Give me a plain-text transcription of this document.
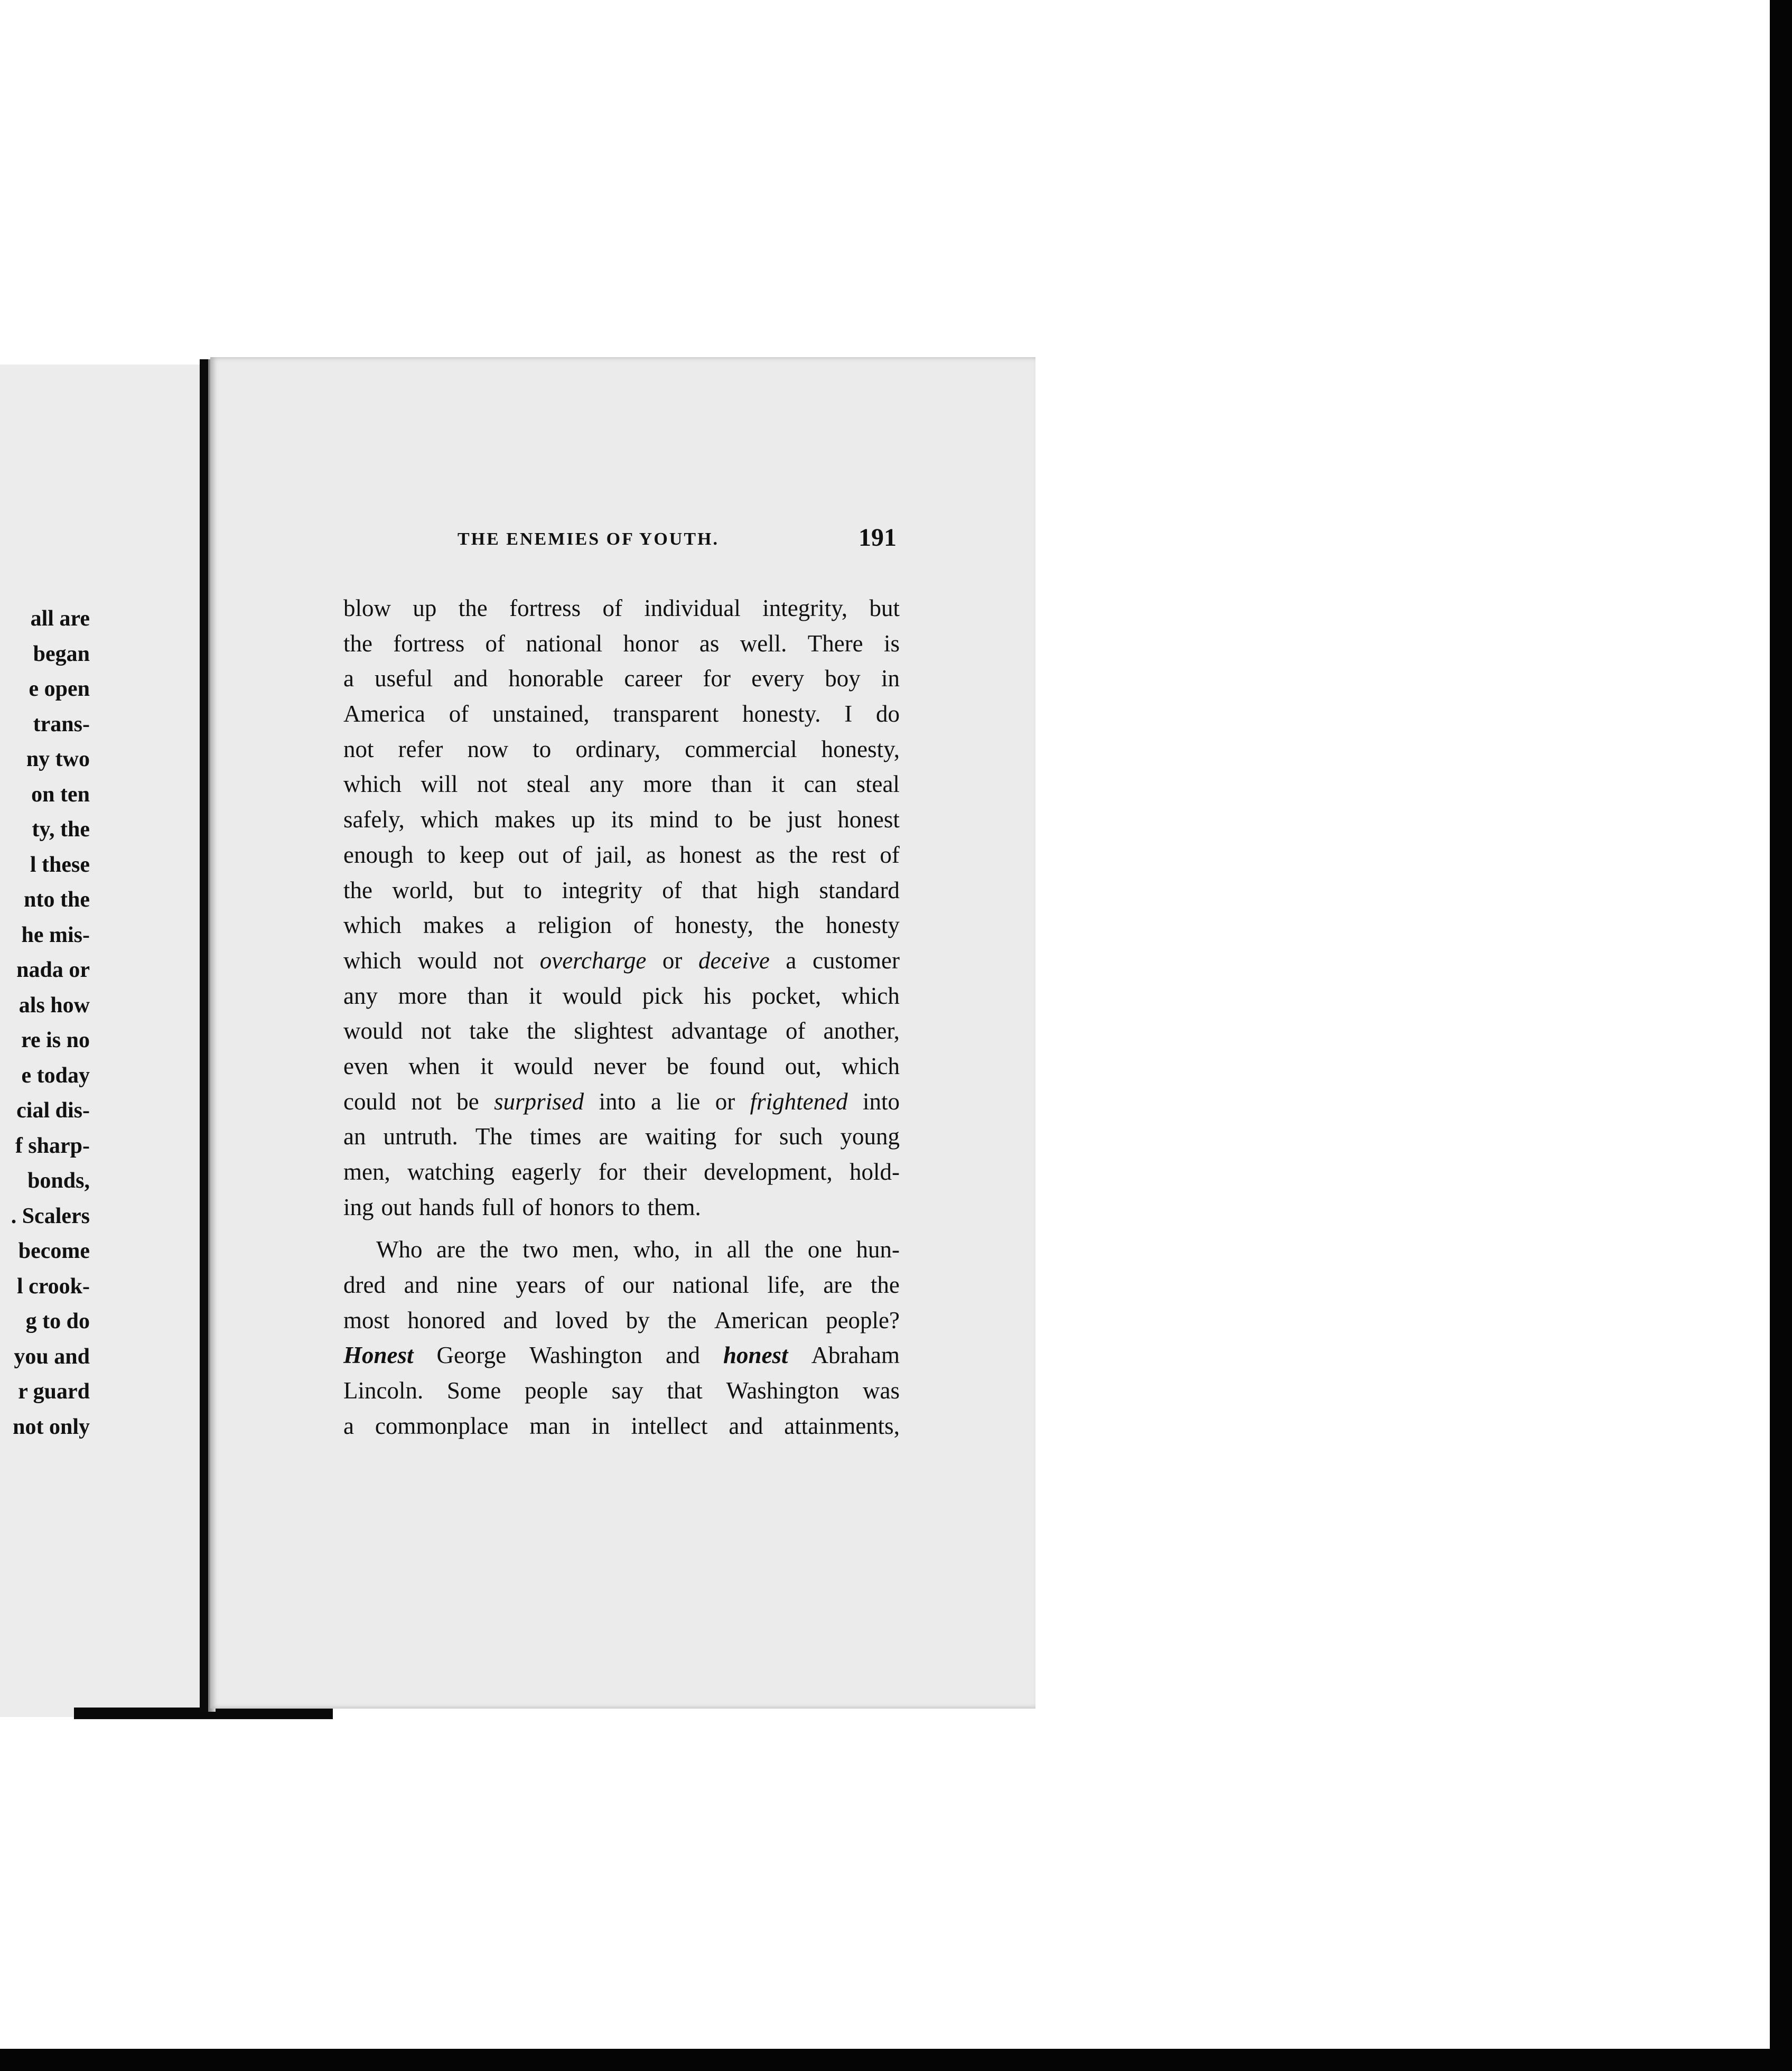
all are
began
e open
trans-
ny two
on ten
ty, the
l these
nto the
he mis-
nada or
als how
re is no
e today
cial dis-
f sharp-
bonds,
. Scalers
become
l crook-
g to do
you and
r guard
not only
THE ENEMIES OF YOUTH.	191
blow up the fortress of individual integrity, but
the fortress of national honor as well. There is
a useful and honorable career for every boy in
America of unstained, transparent honesty. I do
not refer now to ordinary, commercial honesty,
which will not steal any more than it can steal
safely, which makes up its mind to be just honest
enough to keep out of jail, as honest as the rest of
the world, but to integrity of that high standard
which makes a religion of honesty, the honesty
which would not overcharge or deceive a customer
any more than it would pick his pocket, which
would not take the slightest advantage of another,
even when it would never be found out, which
could not be surprised into a lie or frightened into
an untruth. The times are waiting for such young
men, watching eagerly for their development, hold-
ing out hands full of honors to them.
Who are the two men, who, in all the one hun-
dred and nine years of our national life, are the
most honored and loved by the American people?
Honest George Washington and honest Abraham
Lincoln. Some people say that Washington was
a commonplace man in intellect and attainments,
